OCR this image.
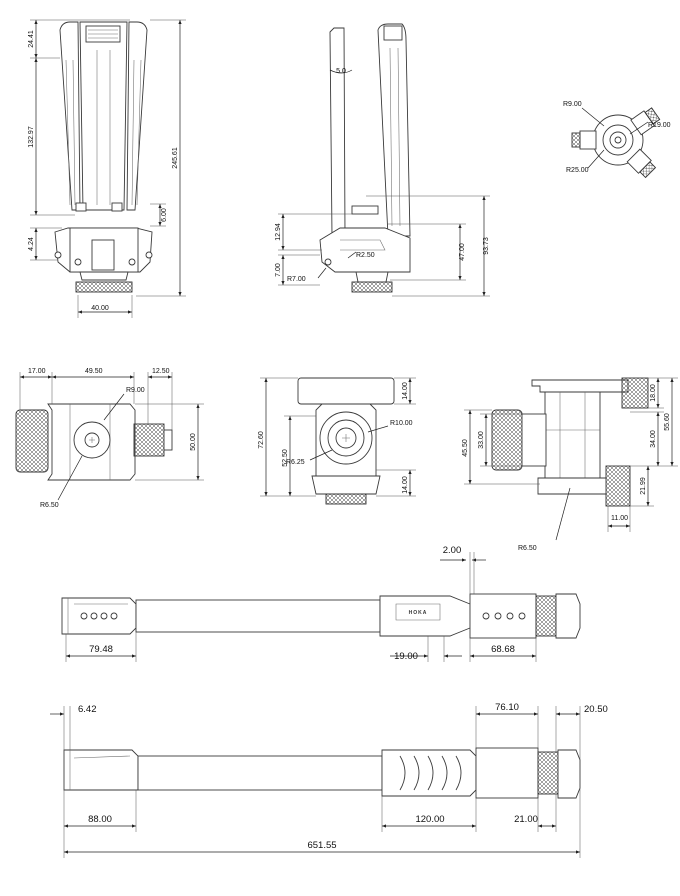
24.41
132.97
4.24
245.61
6.00
40.00
5.0
12.94
7.00
R2.50
R7.00
47.00 93.73
R9.00
R19.00
R25.00
17.00	49.50	12.50
R9.00
50.00
R6.50
72.60
52.50
14.00
14.00
R10.00
R6.25
45.50 33.00
18.00
34.00
55.60
21.99
11.00
R6.50
HOKA
79.48
19.00
68.68
2.00
6.42	76.10	20.50
88.00	120.00	21.00
651.55
